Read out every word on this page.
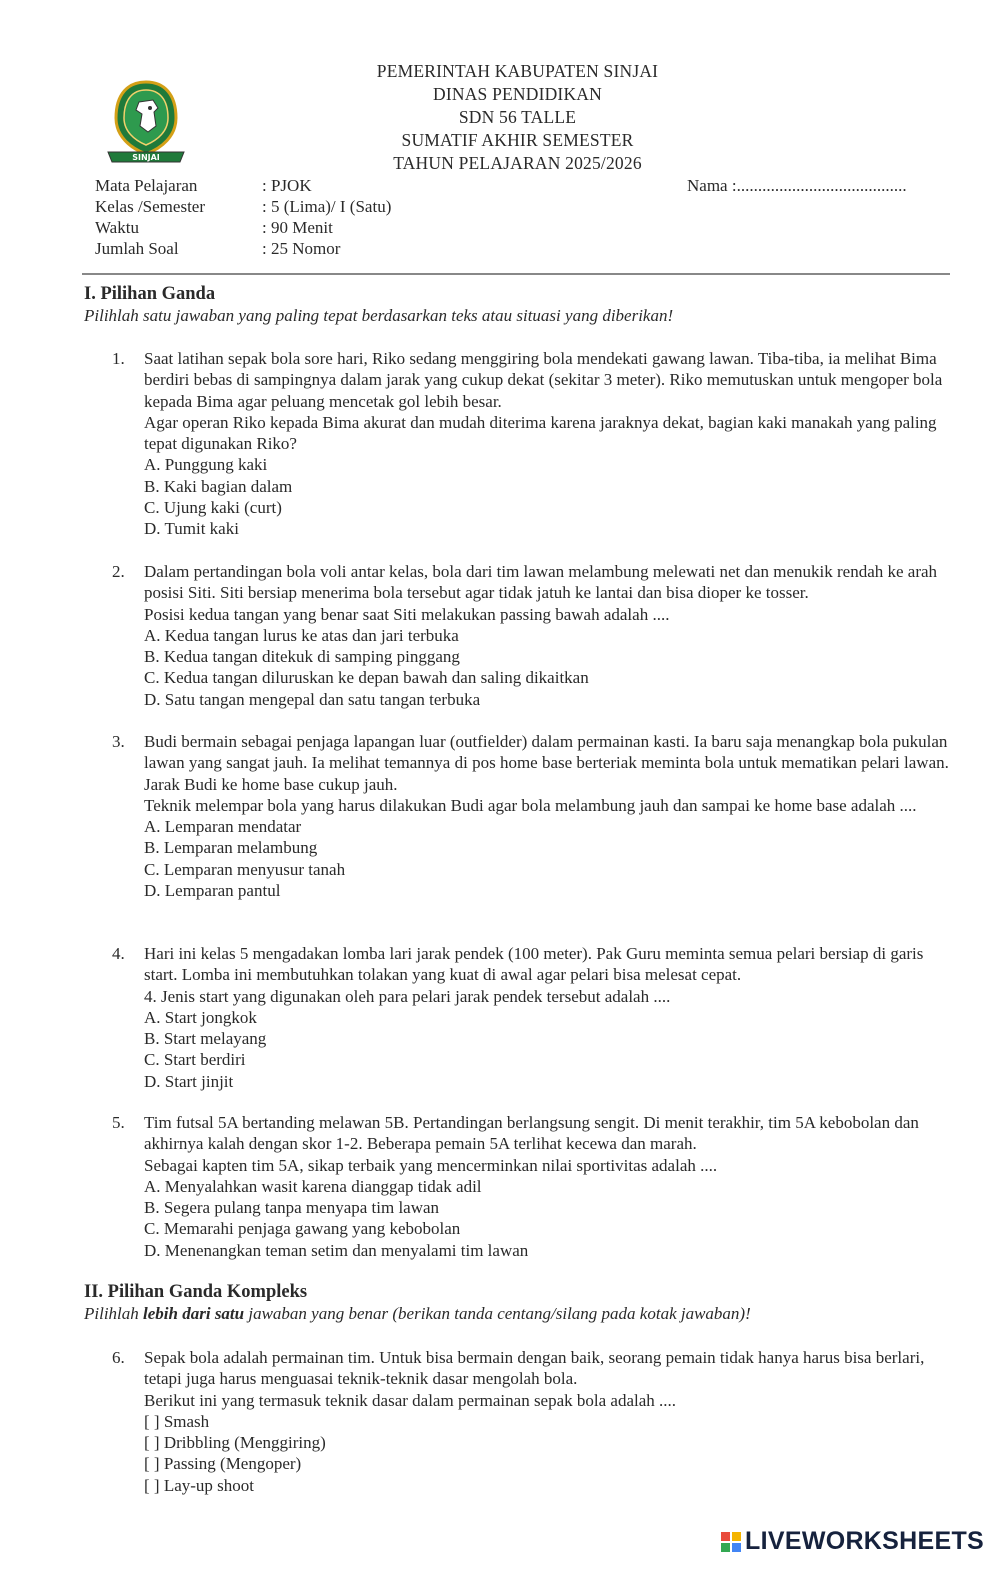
SINJAI
PEMERINTAH KABUPATEN SINJAI
DINAS PENDIDIKAN
SDN 56 TALLE
SUMATIF AKHIR SEMESTER
TAHUN PELAJARAN 2025/2026
Mata Pelajaran	: PJOK
Kelas /Semester	: 5 (Lima)/ I (Satu)
Waktu	: 90 Menit
Jumlah Soal	: 25 Nomor
Nama :........................................
I. Pilihan Ganda
Pilihlah satu jawaban yang paling tepat berdasarkan teks atau situasi yang diberikan!
1. Saat latihan sepak bola sore hari, Riko sedang menggiring bola mendekati gawang lawan. Tiba-tiba, ia melihat Bima berdiri bebas di sampingnya dalam jarak yang cukup dekat (sekitar 3 meter). Riko memutuskan untuk mengoper bola kepada Bima agar peluang mencetak gol lebih besar.

Agar operan Riko kepada Bima akurat dan mudah diterima karena jaraknya dekat, bagian kaki manakah yang paling tepat digunakan Riko?

A. Punggung kaki
B. Kaki bagian dalam
C. Ujung kaki (curt)
D. Tumit kaki
2. Dalam pertandingan bola voli antar kelas, bola dari tim lawan melambung melewati net dan menukik rendah ke arah posisi Siti. Siti bersiap menerima bola tersebut agar tidak jatuh ke lantai dan bisa dioper ke tosser.

Posisi kedua tangan yang benar saat Siti melakukan passing bawah adalah ....

A. Kedua tangan lurus ke atas dan jari terbuka
B. Kedua tangan ditekuk di samping pinggang
C. Kedua tangan diluruskan ke depan bawah dan saling dikaitkan
D. Satu tangan mengepal dan satu tangan terbuka
3. Budi bermain sebagai penjaga lapangan luar (outfielder) dalam permainan kasti. Ia baru saja menangkap bola pukulan lawan yang sangat jauh. Ia melihat temannya di pos home base berteriak meminta bola untuk mematikan pelari lawan. Jarak Budi ke home base cukup jauh.

Teknik melempar bola yang harus dilakukan Budi agar bola melambung jauh dan sampai ke home base adalah ....

A. Lemparan mendatar
B. Lemparan melambung
C. Lemparan menyusur tanah
D. Lemparan pantul
4. Hari ini kelas 5 mengadakan lomba lari jarak pendek (100 meter). Pak Guru meminta semua pelari bersiap di garis start. Lomba ini membutuhkan tolakan yang kuat di awal agar pelari bisa melesat cepat.

4. Jenis start yang digunakan oleh para pelari jarak pendek tersebut adalah ....

A. Start jongkok
B. Start melayang
C. Start berdiri
D. Start jinjit
5. Tim futsal 5A bertanding melawan 5B. Pertandingan berlangsung sengit. Di menit terakhir, tim 5A kebobolan dan akhirnya kalah dengan skor 1-2. Beberapa pemain 5A terlihat kecewa dan marah.

Sebagai kapten tim 5A, sikap terbaik yang mencerminkan nilai sportivitas adalah ....

A. Menyalahkan wasit karena dianggap tidak adil
B. Segera pulang tanpa menyapa tim lawan
C. Memarahi penjaga gawang yang kebobolan
D. Menenangkan teman setim dan menyalami tim lawan
II. Pilihan Ganda Kompleks
Pilihlah lebih dari satu jawaban yang benar (berikan tanda centang/silang pada kotak jawaban)!
6. Sepak bola adalah permainan tim. Untuk bisa bermain dengan baik, seorang pemain tidak hanya harus bisa berlari, tetapi juga harus menguasai teknik-teknik dasar mengolah bola.

Berikut ini yang termasuk teknik dasar dalam permainan sepak bola adalah ....

[ ] Smash
[ ] Dribbling (Menggiring)
[ ] Passing (Mengoper)
[ ] Lay-up shoot
LIVEWORKSHEETS
